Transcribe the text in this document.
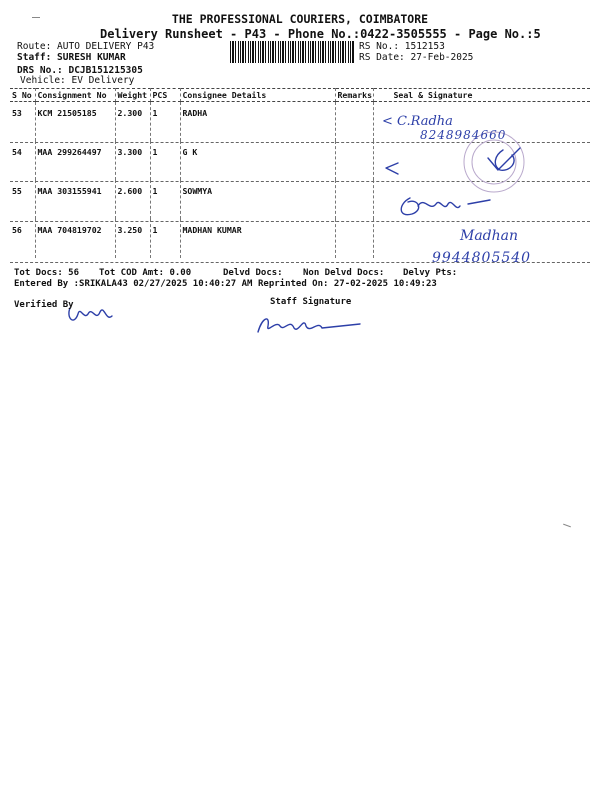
THE PROFESSIONAL COURIERS, COIMBATORE
Delivery Runsheet - P43 - Phone No.:0422-3505555 - Page No.:5
Route: AUTO DELIVERY P43
Staff: SURESH KUMAR
DRS No.: DCJB151215305
Vehicle: EV Delivery
RS No.: 1512153
RS Date: 27-Feb-2025
S No	Consignment No	Weight	PCS	Consignee Details	Remarks	Seal & Signature
53	KCM 21505185	2.300	1	RADHA		
54	MAA 299264497	3.300	1	G K		
55	MAA 303155941	2.600	1	SOWMYA		
56	MAA 704819702	3.250	1	MADHAN KUMAR		
< C.Radha
8248984660
Madhan
9944805540
Tot Docs: 56 Tot COD Amt: 0.00	Delvd Docs: Non Delvd Docs: Delvy Pts:
Entered By :SRIKALA43 02/27/2025 10:40:27 AM Reprinted On: 27-02-2025 10:49:23
Verified By	Staff Signature
